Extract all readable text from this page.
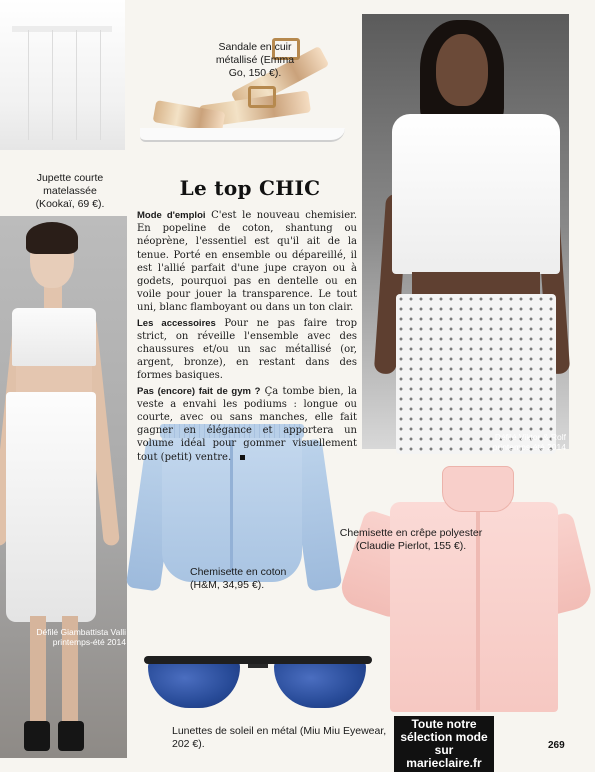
Jupette courte matelassée
(Kookaï, 69 €).
Sandale en cuir
métallisé (Emma
Go, 150 €).
Chemisette en crêpe polyester
(Claudie Pierlot, 155 €).
Chemisette en coton
(H&M, 34,95 €).
Lunettes de soleil en métal (Miu Miu Eyewear, 202 €).
Défilé Giambattista Valli
printemps-été 2014
Défilé Viktor & Rolf
printemps-été 2014
Le top CHIC

Mode d'emploi C'est le nouveau chemisier. En popeline de coton, shantung ou néoprène, l'essentiel est qu'il ait de la tenue. Porté en ensemble ou dépareillé, il est l'allié parfait d'une jupe crayon ou à godets, pourquoi pas en dentelle ou en voile pour jouer la transparence. Le tout uni, blanc flamboyant ou dans un ton clair.

Les accessoires Pour ne pas faire trop strict, on réveille l'ensemble avec des chaussures et/ou un sac métallisé (or, argent, bronze), en restant dans des formes basiques.

Pas (encore) fait de gym ? Ça tombe bien, la veste a envahi les podiums : longue ou courte, avec ou sans manches, elle fait gagner en élégance et apportera un volume idéal pour gommer visuellement tout (petit) ventre.

Toute notre
sélection mode
sur marieclaire.fr
269
